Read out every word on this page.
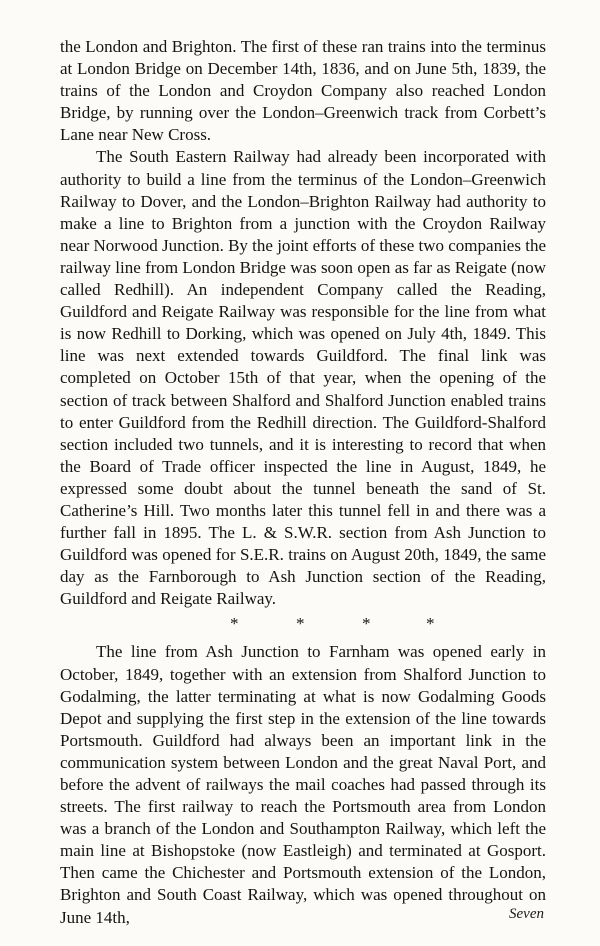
the London and Brighton. The first of these ran trains into the terminus at London Bridge on December 14th, 1836, and on June 5th, 1839, the trains of the London and Croydon Company also reached London Bridge, by running over the London–Greenwich track from Corbett’s Lane near New Cross.

The South Eastern Railway had already been incorporated with authority to build a line from the terminus of the London–Greenwich Railway to Dover, and the London–Brighton Railway had authority to make a line to Brighton from a junction with the Croydon Railway near Norwood Junction. By the joint efforts of these two companies the railway line from London Bridge was soon open as far as Reigate (now called Redhill). An independent Company called the Reading, Guildford and Reigate Railway was responsible for the line from what is now Redhill to Dorking, which was opened on July 4th, 1849. This line was next extended towards Guildford. The final link was completed on October 15th of that year, when the opening of the section of track between Shalford and Shalford Junction enabled trains to enter Guildford from the Redhill direction. The Guildford-Shalford section included two tunnels, and it is interesting to record that when the Board of Trade officer inspected the line in August, 1849, he expressed some doubt about the tunnel beneath the sand of St. Catherine’s Hill. Two months later this tunnel fell in and there was a further fall in 1895. The L. & S.W.R. section from Ash Junction to Guildford was opened for S.E.R. trains on August 20th, 1849, the same day as the Farnborough to Ash Junction section of the Reading, Guildford and Reigate Railway.

*	*	*	*

The line from Ash Junction to Farnham was opened early in October, 1849, together with an extension from Shalford Junction to Godalming, the latter terminating at what is now Godalming Goods Depot and supplying the first step in the extension of the line towards Portsmouth. Guildford had always been an important link in the communication system between London and the great Naval Port, and before the advent of railways the mail coaches had passed through its streets. The first railway to reach the Portsmouth area from London was a branch of the London and Southampton Railway, which left the main line at Bishopstoke (now Eastleigh) and terminated at Gosport. Then came the Chichester and Portsmouth extension of the London, Brighton and South Coast Railway, which was opened throughout on June 14th,	Seven
